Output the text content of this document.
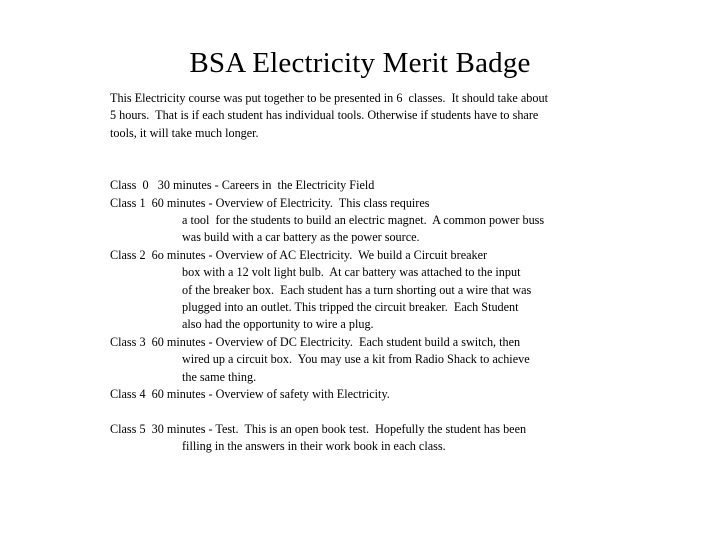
BSA Electricity Merit Badge
This Electricity course was put together to be presented in 6  classes.  It should take about
5 hours.  That is if each student has individual tools. Otherwise if students have to share
tools, it will take much longer.
Class  0   30 minutes - Careers in  the Electricity Field
Class 1  60 minutes - Overview of Electricity.  This class requires
a tool  for the students to build an electric magnet.  A common power buss
was build with a car battery as the power source.
Class 2  6o minutes - Overview of AC Electricity.  We build a Circuit breaker
box with a 12 volt light bulb.  At car battery was attached to the input
of the breaker box.  Each student has a turn shorting out a wire that was
plugged into an outlet. This tripped the circuit breaker.  Each Student
also had the opportunity to wire a plug.
Class 3  60 minutes - Overview of DC Electricity.  Each student build a switch, then
wired up a circuit box.  You may use a kit from Radio Shack to achieve
the same thing.
Class 4  60 minutes - Overview of safety with Electricity.
Class 5  30 minutes - Test.  This is an open book test.  Hopefully the student has been
filling in the answers in their work book in each class.
